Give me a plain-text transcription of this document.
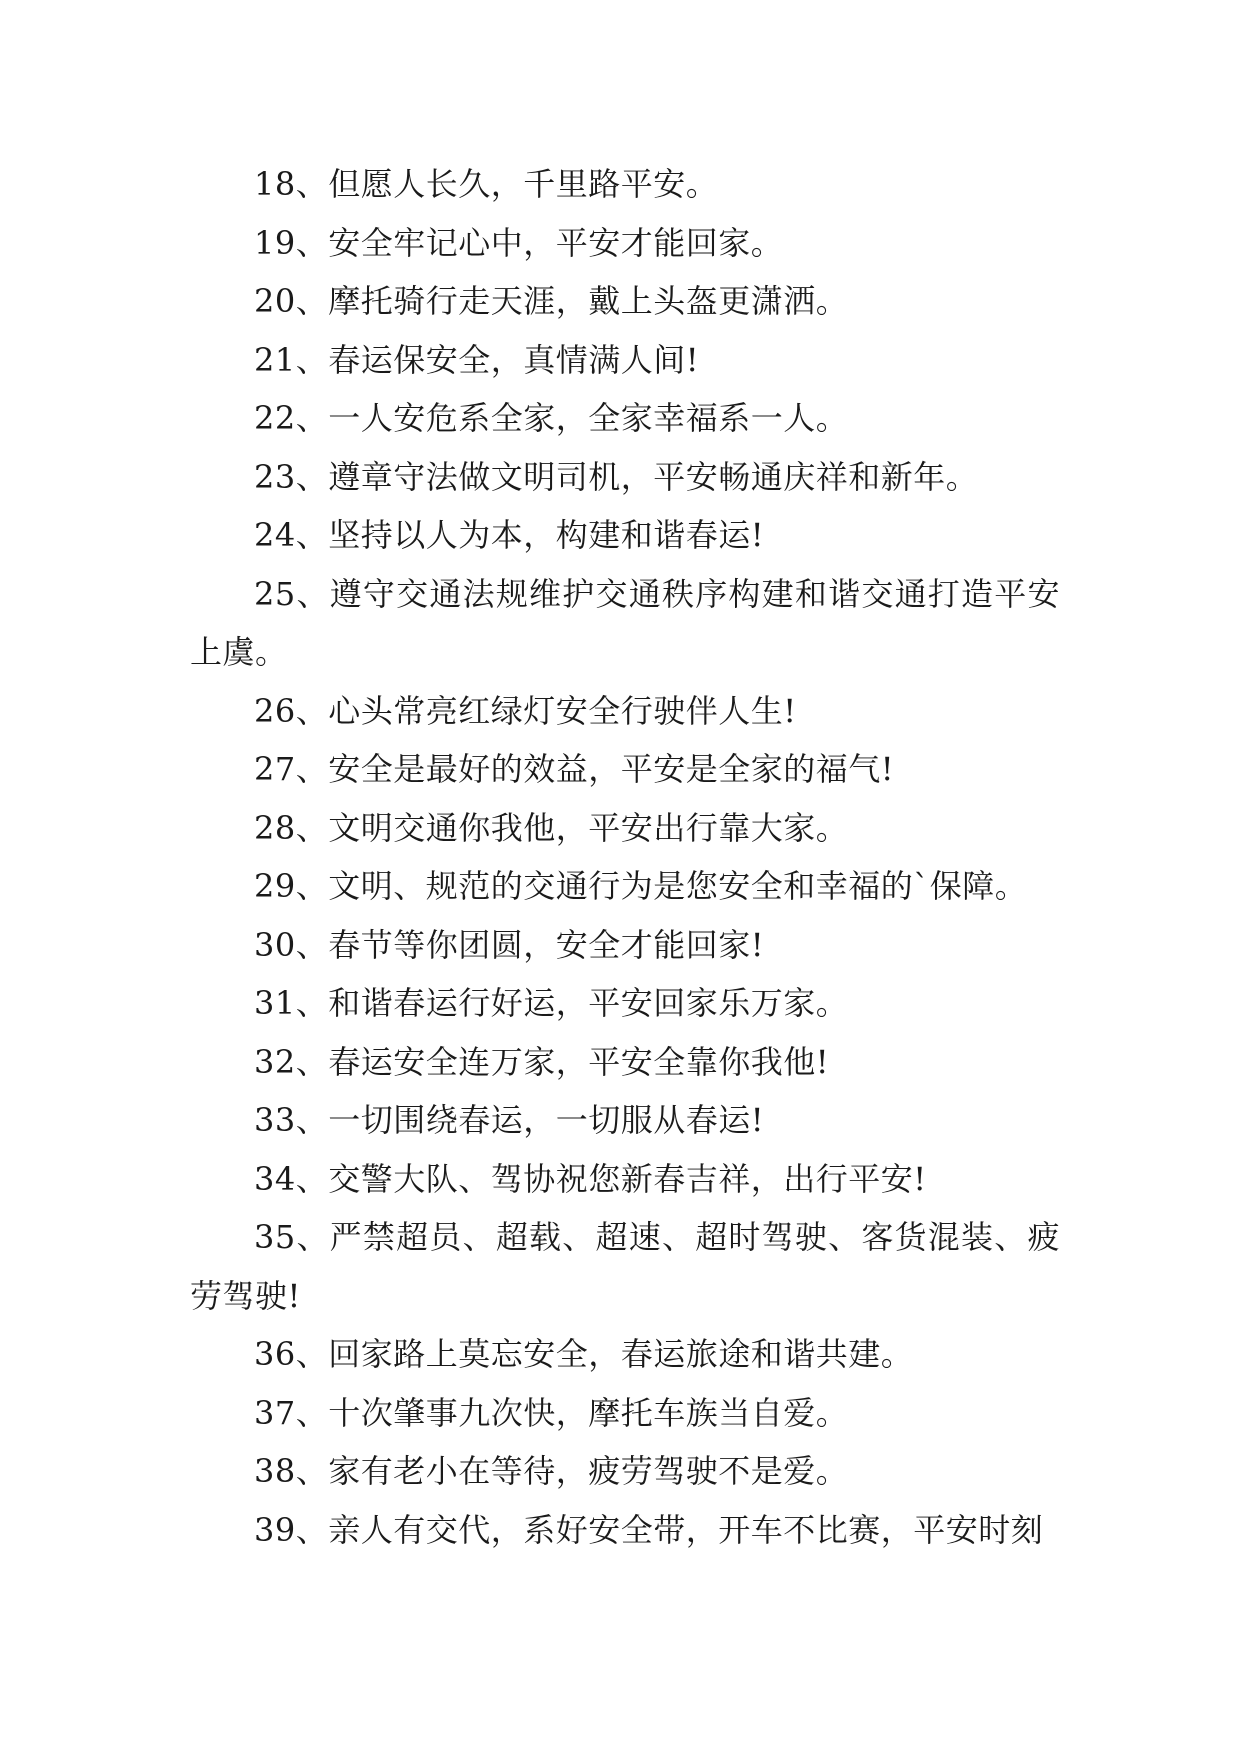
18、但愿人长久，千里路平安。

19、安全牢记心中，平安才能回家。

20、摩托骑行走天涯，戴上头盔更潇洒。

21、春运保安全，真情满人间!

22、一人安危系全家，全家幸福系一人。

23、遵章守法做文明司机，平安畅通庆祥和新年。

24、坚持以人为本，构建和谐春运!

25、遵守交通法规维护交通秩序构建和谐交通打造平安上虞。

26、心头常亮红绿灯安全行驶伴人生!

27、安全是最好的效益，平安是全家的福气!

28、文明交通你我他，平安出行靠大家。

29、文明、规范的交通行为是您安全和幸福的`保障。

30、春节等你团圆，安全才能回家!

31、和谐春运行好运，平安回家乐万家。

32、春运安全连万家，平安全靠你我他!

33、一切围绕春运，一切服从春运!

34、交警大队、驾协祝您新春吉祥，出行平安!

35、严禁超员、超载、超速、超时驾驶、客货混装、疲劳驾驶!

36、回家路上莫忘安全，春运旅途和谐共建。

37、十次肇事九次快，摩托车族当自爱。

38、家有老小在等待，疲劳驾驶不是爱。

39、亲人有交代，系好安全带，开车不比赛，平安时刻
